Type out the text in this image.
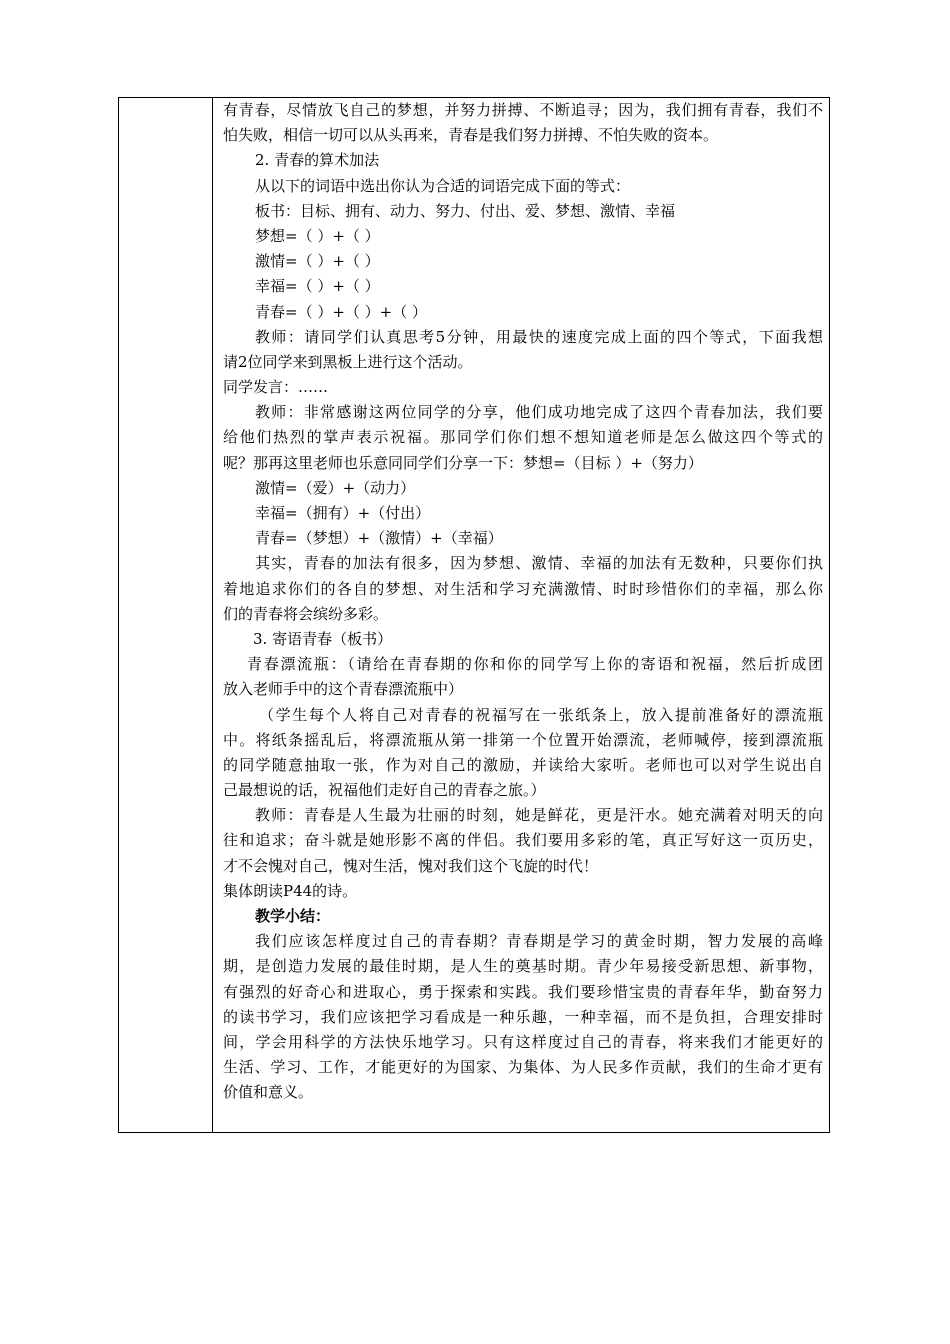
有青春，尽情放飞自己的梦想，并努力拼搏、不断追寻；因为，我们拥有青春，我们不
怕失败，相信一切可以从头再来，青春是我们努力拼搏、不怕失败的资本。
2. 青春的算术加法
从以下的词语中选出你认为合适的词语完成下面的等式：
板书：目标、拥有、动力、努力、付出、爱、梦想、激情、幸福
梦想=（ ）+（ ）
激情=（ ）+（ ）
幸福=（ ）+（ ）
青春=（ ）+（ ）+（ ）
教师：请同学们认真思考5分钟，用最快的速度完成上面的四个等式，下面我想
请2位同学来到黑板上进行这个活动。
同学发言：……
教师：非常感谢这两位同学的分享，他们成功地完成了这四个青春加法，我们要
给他们热烈的掌声表示祝福。那同学们你们想不想知道老师是怎么做这四个等式的
呢？那再这里老师也乐意同同学们分享一下：梦想=（目标 ）+（努力）
激情=（爱）+（动力）
幸福=（拥有）+（付出）
青春=（梦想）+（激情）+（幸福）
其实，青春的加法有很多，因为梦想、激情、幸福的加法有无数种，只要你们执
着地追求你们的各自的梦想、对生活和学习充满激情、时时珍惜你们的幸福，那么你
们的青春将会缤纷多彩。
3. 寄语青春（板书）
青春漂流瓶：（请给在青春期的你和你的同学写上你的寄语和祝福，然后折成团
放入老师手中的这个青春漂流瓶中）
（学生每个人将自己对青春的祝福写在一张纸条上，放入提前准备好的漂流瓶
中。将纸条摇乱后，将漂流瓶从第一排第一个位置开始漂流，老师喊停，接到漂流瓶
的同学随意抽取一张，作为对自己的激励，并读给大家听。老师也可以对学生说出自
己最想说的话，祝福他们走好自己的青春之旅。）
教师：青春是人生最为壮丽的时刻，她是鲜花，更是汗水。她充满着对明天的向
往和追求；奋斗就是她形影不离的伴侣。我们要用多彩的笔，真正写好这一页历史，
才不会愧对自己，愧对生活，愧对我们这个飞旋的时代！
集体朗读P44的诗。
教学小结：
我们应该怎样度过自己的青春期？青春期是学习的黄金时期，智力发展的高峰
期，是创造力发展的最佳时期，是人生的奠基时期。青少年易接受新思想、新事物，
有强烈的好奇心和进取心，勇于探索和实践。我们要珍惜宝贵的青春年华，勤奋努力
的读书学习，我们应该把学习看成是一种乐趣，一种幸福，而不是负担，合理安排时
间，学会用科学的方法快乐地学习。只有这样度过自己的青春，将来我们才能更好的
生活、学习、工作，才能更好的为国家、为集体、为人民多作贡献，我们的生命才更有
价值和意义。
